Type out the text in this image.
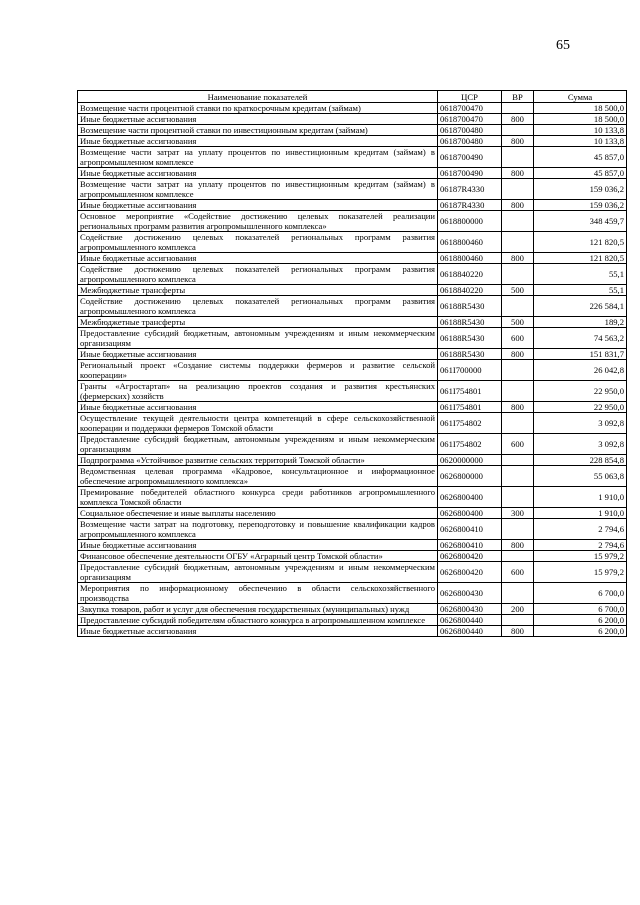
65
Наименование показателей	ЦСР	ВР	Сумма
Возмещение части процентной ставки по краткосрочным кредитам (займам)	0618700470		18 500,0
Иные бюджетные ассигнования	0618700470	800	18 500,0
Возмещение части процентной ставки по инвестиционным кредитам (займам)	0618700480		10 133,8
Иные бюджетные ассигнования	0618700480	800	10 133,8
Возмещение части затрат на уплату процентов по инвестиционным кредитам (займам) в агропромышленном комплексе	0618700490		45 857,0
Иные бюджетные ассигнования	0618700490	800	45 857,0
Возмещение части затрат на уплату процентов по инвестиционным кредитам (займам) в агропромышленном комплексе	06187R4330		159 036,2
Иные бюджетные ассигнования	06187R4330	800	159 036,2
Основное мероприятие «Содействие достижению целевых показателей реализации региональных программ развития агропромышленного комплекса»	0618800000		348 459,7
Содействие достижению целевых показателей региональных программ развития агропромышленного комплекса	0618800460		121 820,5
Иные бюджетные ассигнования	0618800460	800	121 820,5
Содействие достижению целевых показателей региональных программ развития агропромышленного комплекса	0618840220		55,1
Межбюджетные трансферты	0618840220	500	55,1
Содействие достижению целевых показателей региональных программ развития агропромышленного комплекса	06188R5430		226 584,1
Межбюджетные трансферты	06188R5430	500	189,2
Предоставление субсидий бюджетным, автономным учреждениям и иным некоммерческим организациям	06188R5430	600	74 563,2
Иные бюджетные ассигнования	06188R5430	800	151 831,7
Региональный проект «Создание системы поддержки фермеров и развитие сельской кооперации»	061I700000		26 042,8
Гранты «Агростартап» на реализацию проектов создания и развития крестьянских (фермерских) хозяйств	061I754801		22 950,0
Иные бюджетные ассигнования	061I754801	800	22 950,0
Осуществление текущей деятельности центра компетенций в сфере сельскохозяйственной кооперации и поддержки фермеров Томской области	061I754802		3 092,8
Предоставление субсидий бюджетным, автономным учреждениям и иным некоммерческим организациям	061I754802	600	3 092,8
Подпрограмма «Устойчивое развитие сельских территорий Томской области»	0620000000		228 854,8
Ведомственная целевая программа «Кадровое, консультационное и информационное обеспечение агропромышленного комплекса»	0626800000		55 063,8
Премирование победителей областного конкурса среди работников агропромышленного комплекса Томской области	0626800400		1 910,0
Социальное обеспечение и иные выплаты населению	0626800400	300	1 910,0
Возмещение части затрат на подготовку, переподготовку и повышение квалификации кадров агропромышленного комплекса	0626800410		2 794,6
Иные бюджетные ассигнования	0626800410	800	2 794,6
Финансовое обеспечение деятельности ОГБУ «Аграрный центр Томской области»	0626800420		15 979,2
Предоставление субсидий бюджетным, автономным учреждениям и иным некоммерческим организациям	0626800420	600	15 979,2
Мероприятия по информационному обеспечению в области сельскохозяйственного производства	0626800430		6 700,0
Закупка товаров, работ и услуг для обеспечения государственных (муниципальных) нужд	0626800430	200	6 700,0
Предоставление субсидий победителям областного конкурса в агропромышленном комплексе	0626800440		6 200,0
Иные бюджетные ассигнования	0626800440	800	6 200,0
